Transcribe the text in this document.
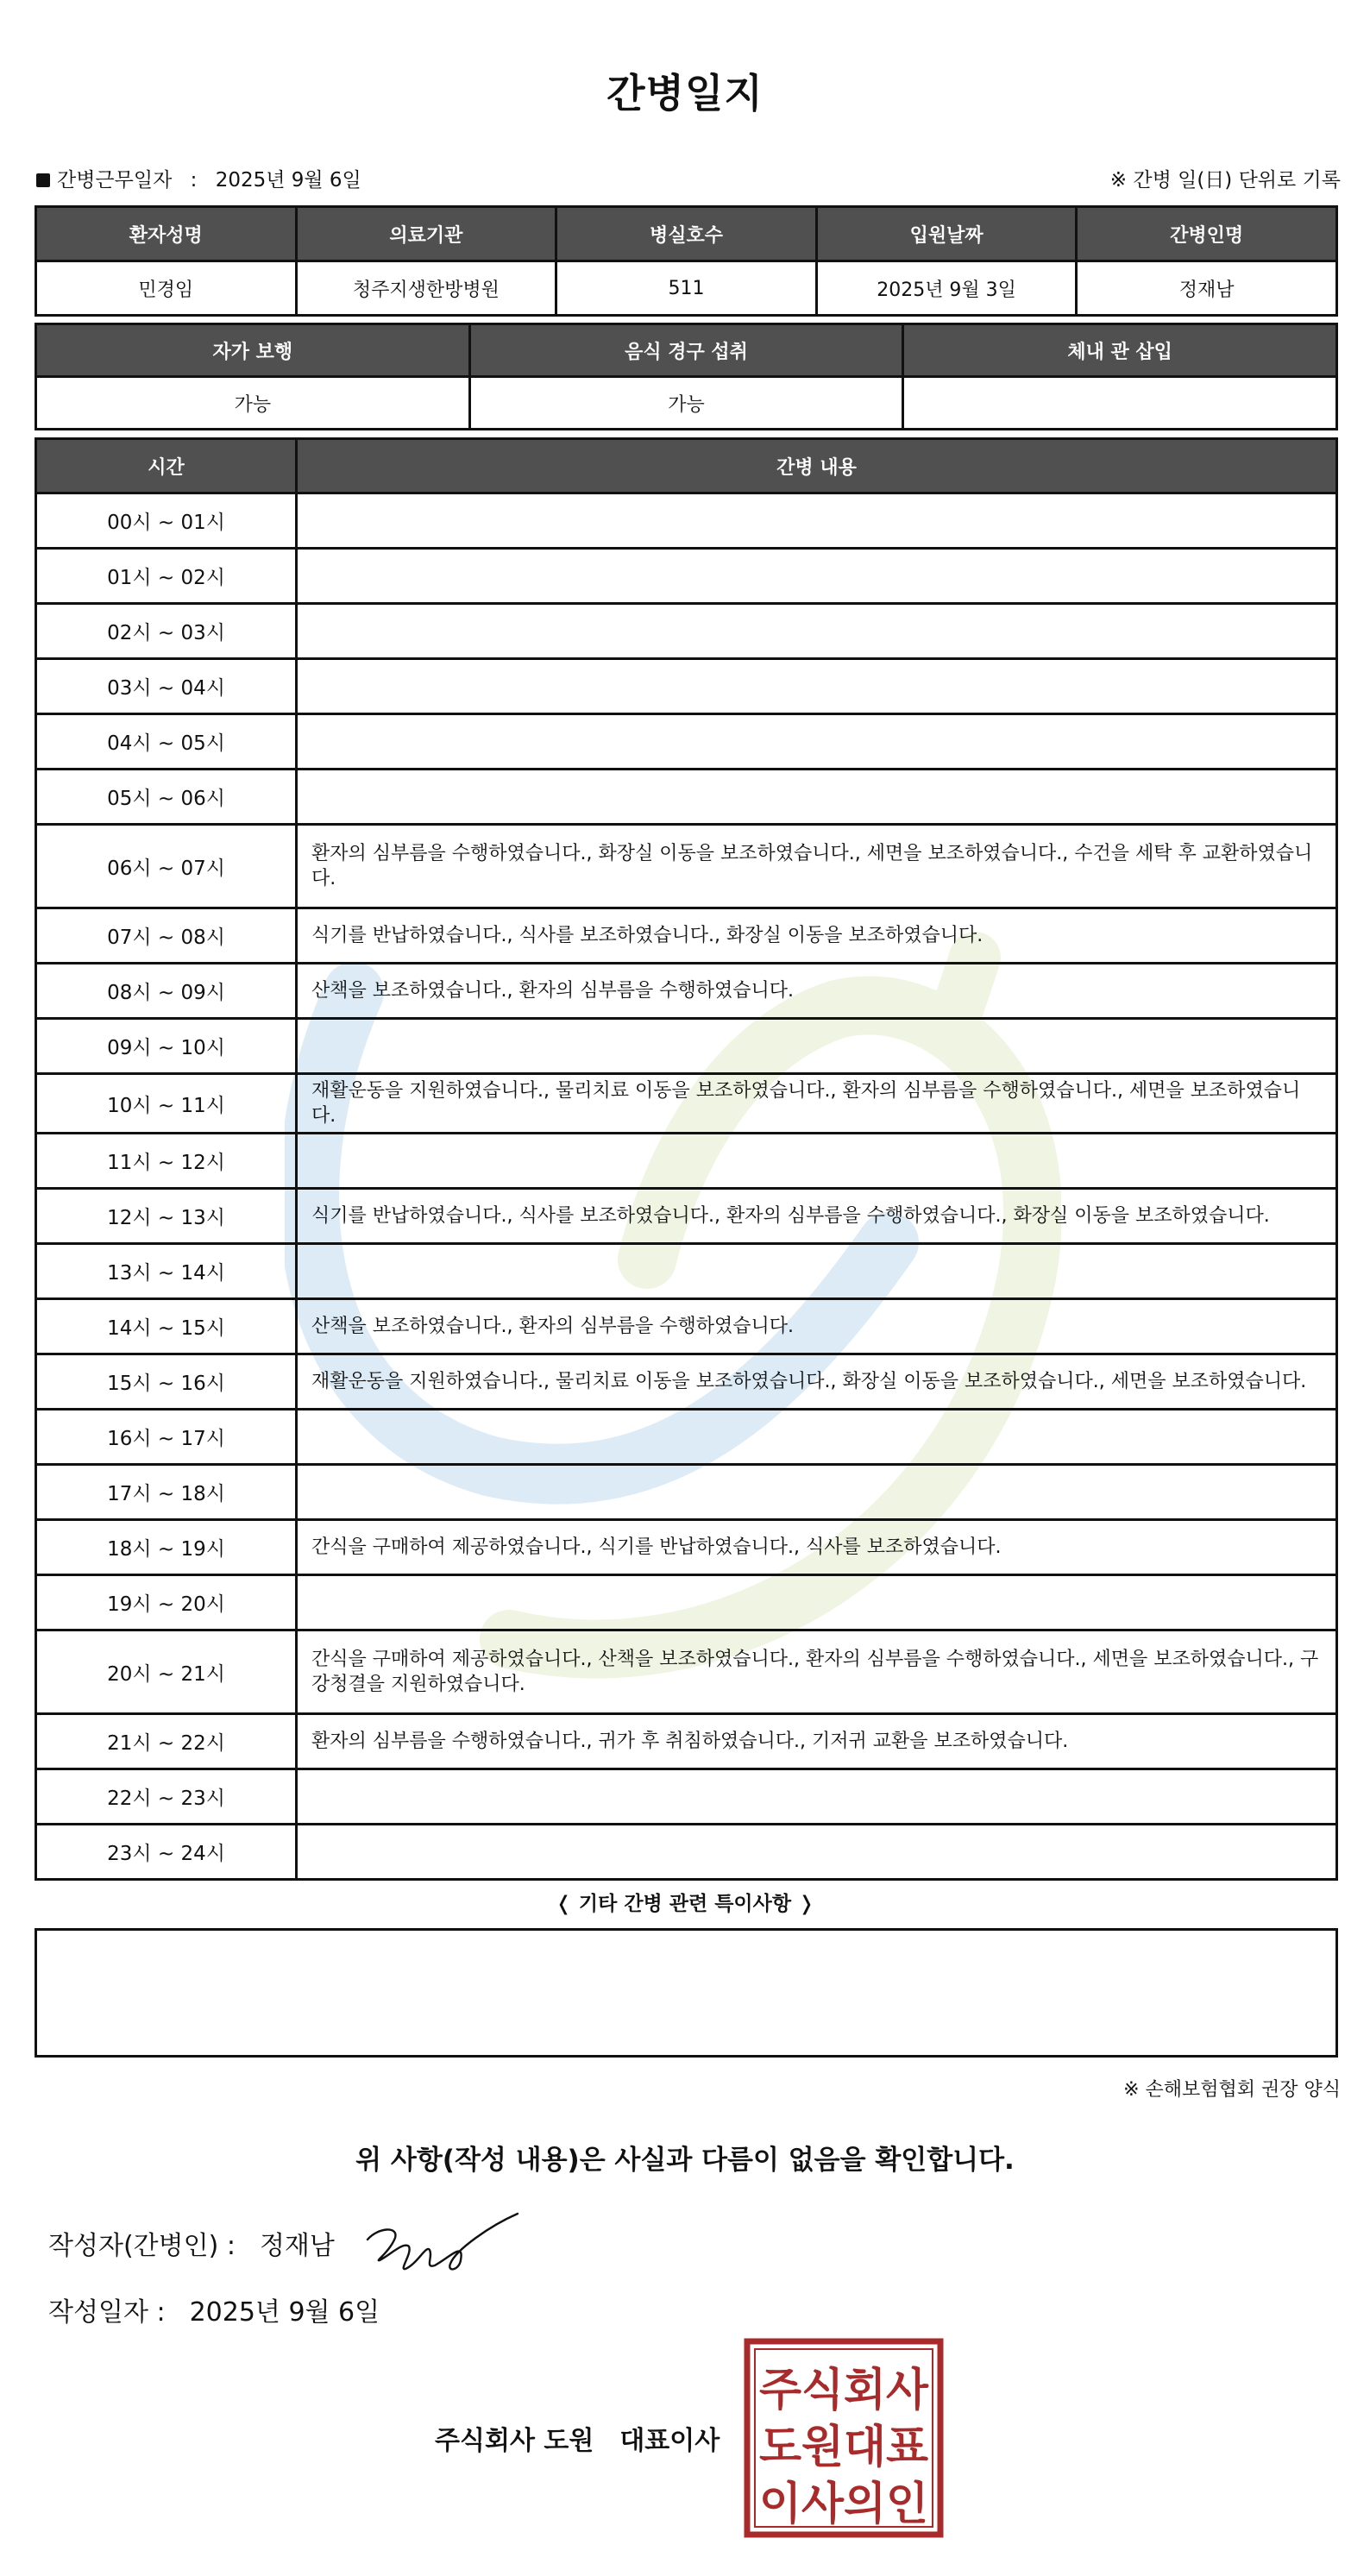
간병일지
간병근무일자 : 2025년 9월 6일	※ 간병 일(日) 단위로 기록
환자성명	의료기관	병실호수	입원날짜	간병인명
민경임	청주지생한방병원	511	2025년 9월 3일	정재남
자가 보행	음식 경구 섭취	체내 관 삽입
가능	가능	
시간	간병 내용
00시 ~ 01시	
01시 ~ 02시	
02시 ~ 03시	
03시 ~ 04시	
04시 ~ 05시	
05시 ~ 06시	
06시 ~ 07시	환자의 심부름을 수행하였습니다., 화장실 이동을 보조하였습니다., 세면을 보조하였습니다., 수건을 세탁 후 교환하였습니다.
07시 ~ 08시	식기를 반납하였습니다., 식사를 보조하였습니다., 화장실 이동을 보조하였습니다.
08시 ~ 09시	산책을 보조하였습니다., 환자의 심부름을 수행하였습니다.
09시 ~ 10시	
10시 ~ 11시	재활운동을 지원하였습니다., 물리치료 이동을 보조하였습니다., 환자의 심부름을 수행하였습니다., 세면을 보조하였습니다.
11시 ~ 12시	
12시 ~ 13시	식기를 반납하였습니다., 식사를 보조하였습니다., 환자의 심부름을 수행하였습니다., 화장실 이동을 보조하였습니다.
13시 ~ 14시	
14시 ~ 15시	산책을 보조하였습니다., 환자의 심부름을 수행하였습니다.
15시 ~ 16시	재활운동을 지원하였습니다., 물리치료 이동을 보조하였습니다., 화장실 이동을 보조하였습니다., 세면을 보조하였습니다.
16시 ~ 17시	
17시 ~ 18시	
18시 ~ 19시	간식을 구매하여 제공하였습니다., 식기를 반납하였습니다., 식사를 보조하였습니다.
19시 ~ 20시	
20시 ~ 21시	간식을 구매하여 제공하였습니다., 산책을 보조하였습니다., 환자의 심부름을 수행하였습니다., 세면을 보조하였습니다., 구강청결을 지원하였습니다.
21시 ~ 22시	환자의 심부름을 수행하였습니다., 귀가 후 취침하였습니다., 기저귀 교환을 보조하였습니다.
22시 ~ 23시	
23시 ~ 24시	
❬ 기타 간병 관련 특이사항 ❭
※ 손해보험협회 권장 양식
위 사항(작성 내용)은 사실과 다름이 없음을 확인합니다.
작성자(간병인) : 정재남
작성일자 : 2025년 9월 6일
주식회사 도원 대표이사
주식회사
도원대표
이사의인
